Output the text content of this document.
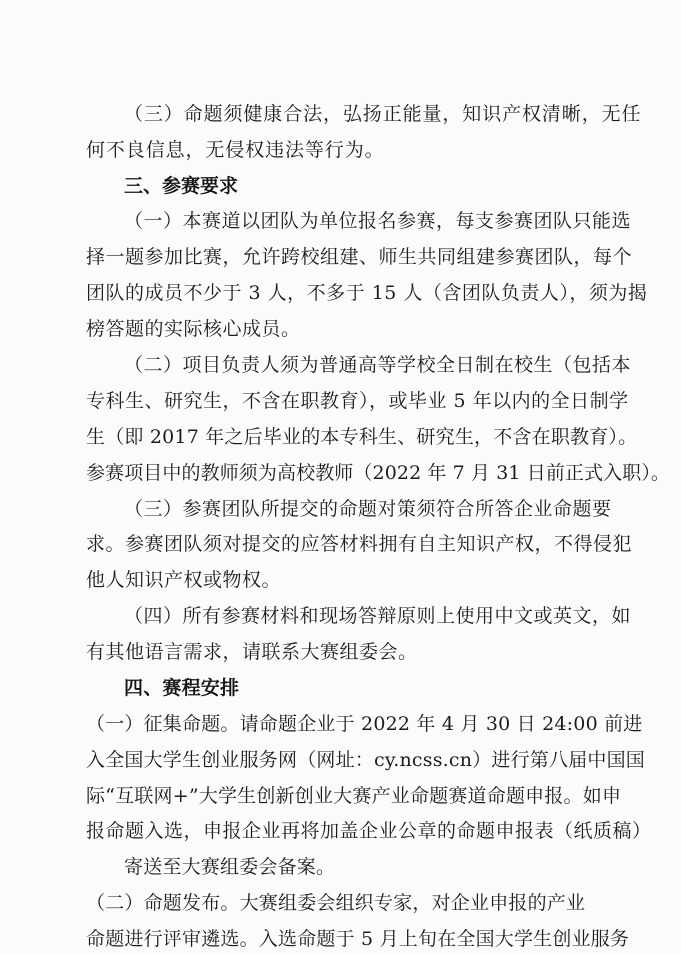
（三）命题须健康合法，弘扬正能量，知识产权清晰，无任
何不良信息，无侵权违法等行为。
三、参赛要求
（一）本赛道以团队为单位报名参赛，每支参赛团队只能选
择一题参加比赛，允许跨校组建、师生共同组建参赛团队，每个
团队的成员不少于 3 人，不多于 15 人（含团队负责人），须为揭
榜答题的实际核心成员。
（二）项目负责人须为普通高等学校全日制在校生（包括本
专科生、研究生，不含在职教育），或毕业 5 年以内的全日制学
生（即 2017 年之后毕业的本专科生、研究生，不含在职教育）。
参赛项目中的教师须为高校教师（2022 年 7 月 31 日前正式入职）。
（三）参赛团队所提交的命题对策须符合所答企业命题要
求。参赛团队须对提交的应答材料拥有自主知识产权，不得侵犯
他人知识产权或物权。
（四）所有参赛材料和现场答辩原则上使用中文或英文，如
有其他语言需求，请联系大赛组委会。
四、赛程安排
（一）征集命题。请命题企业于 2022 年 4 月 30 日 24:00 前进
入全国大学生创业服务网（网址：cy.ncss.cn）进行第八届中国国
际“互联网+”大学生创新创业大赛产业命题赛道命题申报。如申
报命题入选，申报企业再将加盖企业公章的命题申报表（纸质稿）
寄送至大赛组委会备案。
（二）命题发布。大赛组委会组织专家，对企业申报的产业
命题进行评审遴选。入选命题于 5 月上旬在全国大学生创业服务
